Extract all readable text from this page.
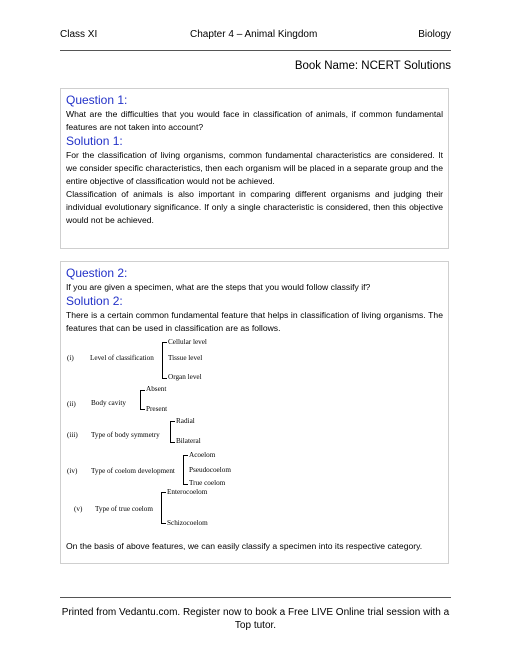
Class XI	Chapter 4 – Animal Kingdom	Biology
Book Name: NCERT Solutions
Question 1:

What are the difficulties that you would face in classification of animals, if common fundamental features are not taken into account?

Solution 1:

For the classification of living organisms, common fundamental characteristics are considered. It we consider specific characteristics, then each organism will be placed in a separate group and the entire objective of classification would not be achieved.

Classification of animals is also important in comparing different organisms and judging their individual evolutionary significance. If only a single characteristic is considered, then this objective would not be achieved.

Question 2:

If you are given a specimen, what are the steps that you would follow classify if?

Solution 2:

There is a certain common fundamental feature that helps in classification of living organisms. The features that can be used in classification are as follows.

(i) Level of classification
Cellular level
Tissue level
Organ level
(ii) Body cavity
Absent
Present
(iii) Type of body symmetry
Radial
Bilateral
(iv) Type of coelom development
Acoelom
Pseudocoelom
True coelom
(v) Type of true coelom
Enterocoelom
Schizocoelom

On the basis of above features, we can easily classify a specimen into its respective category.

Printed from Vedantu.com. Register now to book a Free LIVE Online trial session with a Top tutor.
